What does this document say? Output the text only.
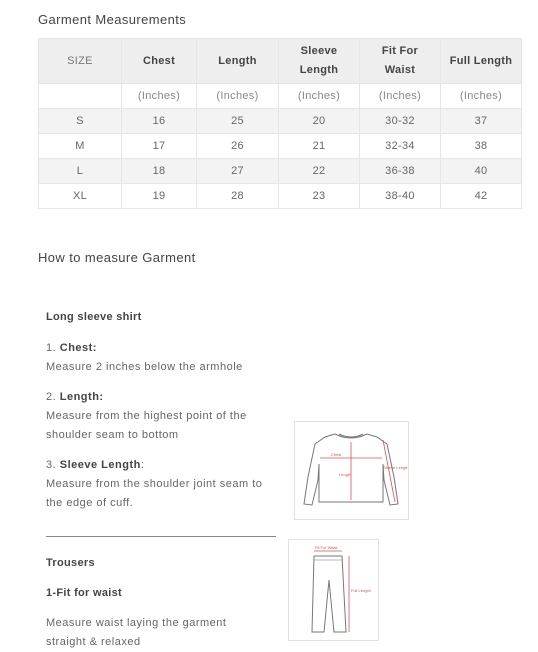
Garment Measurements
SIZE	Chest	Length	Sleeve Length	Fit For Waist	Full Length
	(Inches)	(Inches)	(Inches)	(Inches)	(Inches)
S	16	25	20	30-32	37
M	17	26	21	32-34	38
L	18	27	22	36-38	40
XL	19	28	23	38-40	42
How to measure Garment
Long sleeve shirt
1. Chest:
Measure 2 inches below the armhole
2. Length:
Measure from the highest point of the shoulder seam to bottom
3. Sleeve Length:
Measure from the shoulder joint seam to the edge of cuff.
Chest
Length
Sleeve Length
Trousers
1-Fit for waist
Measure waist laying the garment straight & relaxed
Fit For Waist
Full Length
